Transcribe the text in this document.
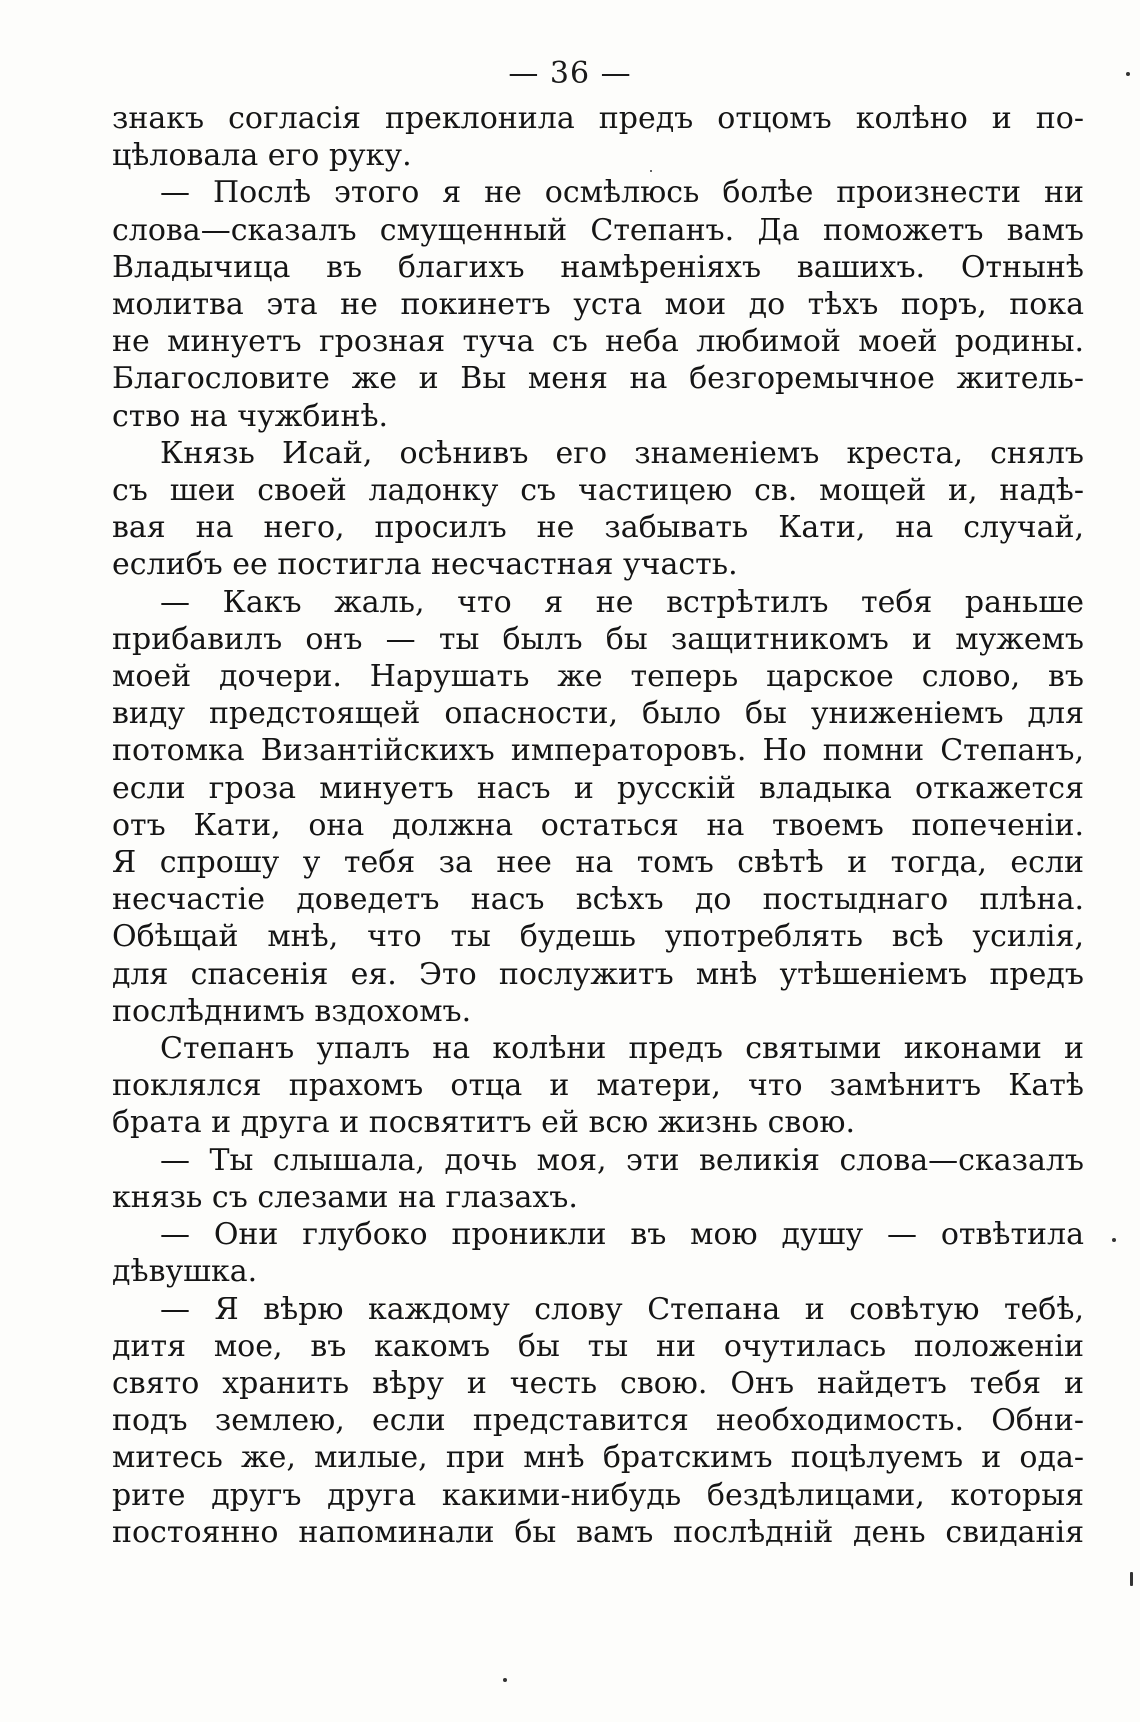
— 36 —
знакъ согласія преклонила предъ отцомъ колѣно и по-
цѣловала его руку.
— Послѣ этого я не осмѣлюсь болѣе произнести ни
слова—сказалъ смущенный Степанъ. Да поможетъ вамъ
Владычица въ благихъ намѣреніяхъ вашихъ. Отнынѣ
молитва эта не покинетъ уста мои до тѣхъ поръ, пока
не минуетъ грозная туча съ неба любимой моей родины.
Благословите же и Вы меня на безгоремычное житель-
ство на чужбинѣ.
Князь Исай, осѣнивъ его знаменіемъ креста, снялъ
съ шеи своей ладонку съ частицею св. мощей и, надѣ-
вая на него, просилъ не забывать Кати, на случай,
еслибъ ее постигла несчастная участь.
— Какъ жаль, что я не встрѣтилъ тебя раньше
прибавилъ онъ — ты былъ бы защитникомъ и мужемъ
моей дочери. Нарушать же теперь царское слово, въ
виду предстоящей опасности, было бы униженіемъ для
потомка Византійскихъ императоровъ. Но помни Степанъ,
если гроза минуетъ насъ и русскій владыка откажется
отъ Кати, она должна остаться на твоемъ попеченіи.
Я спрошу у тебя за нее на томъ свѣтѣ и тогда, если
несчастіе доведетъ насъ всѣхъ до постыднаго плѣна.
Обѣщай мнѣ, что ты будешь употреблять всѣ усилія,
для спасенія ея. Это послужитъ мнѣ утѣшеніемъ предъ
послѣднимъ вздохомъ.
Степанъ упалъ на колѣни предъ святыми иконами и
поклялся прахомъ отца и матери, что замѣнитъ Катѣ
брата и друга и посвятитъ ей всю жизнь свою.
— Ты слышала, дочь моя, эти великія слова—сказалъ
князь съ слезами на глазахъ.
— Они глубоко проникли въ мою душу — отвѣтила
дѣвушка.
— Я вѣрю каждому слову Степана и совѣтую тебѣ,
дитя мое, въ какомъ бы ты ни очутилась положеніи
свято хранить вѣру и честь свою. Онъ найдетъ тебя и
подъ землею, если представится необходимость. Обни-
митесь же, милые, при мнѣ братскимъ поцѣлуемъ и ода-
рите другъ друга какими-нибудь бездѣлицами, которыя
постоянно напоминали бы вамъ послѣдній день свиданія
